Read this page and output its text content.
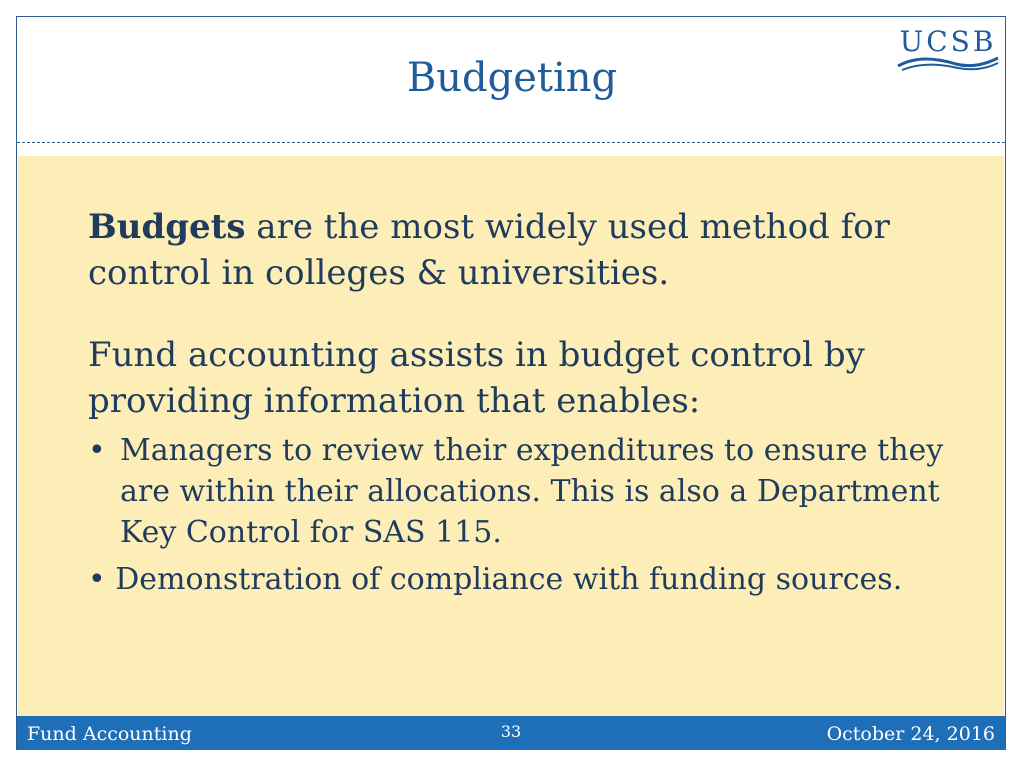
Budgeting
UCSB

Budgets are the most widely used method for control in colleges & universities.

Fund accounting assists in budget control by providing information that enables:

• Managers to review their expenditures to ensure they are within their allocations. This is also a Department Key Control for SAS 115.

• Demonstration of compliance with funding sources.

Fund Accounting	33	October 24, 2016
